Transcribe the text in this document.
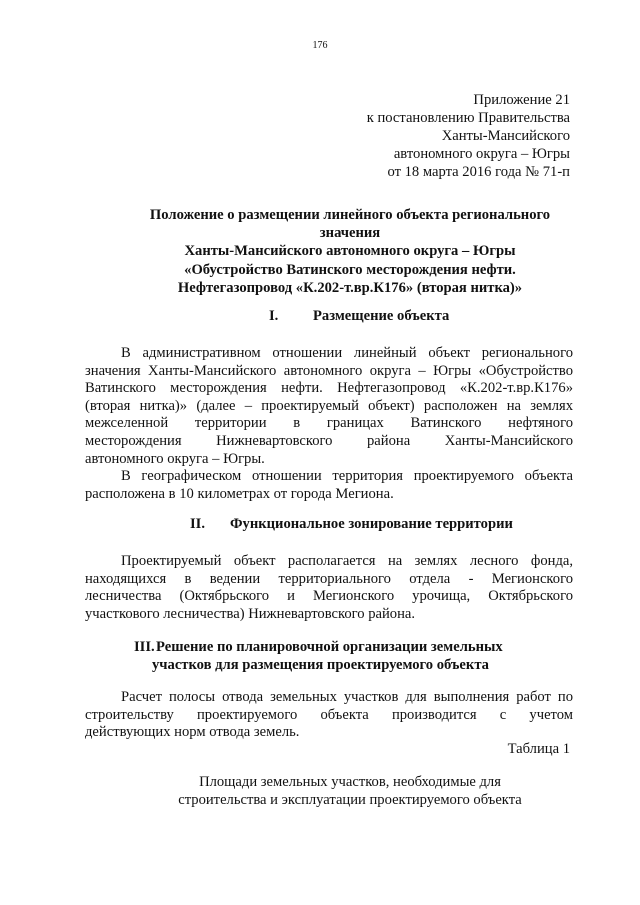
176
Приложение 21
к постановлению Правительства
Ханты-Мансийского
автономного округа – Югры
от 18 марта 2016 года № 71-п
Положение о размещении линейного объекта регионального
значения
Ханты-Мансийского автономного округа – Югры
«Обустройство Ватинского месторождения нефти.
Нефтегазопровод «К.202-т.вр.К176» (вторая нитка)»
I. Размещение объекта
В административном отношении линейный объект регионального
значения Ханты-Мансийского автономного округа – Югры «Обустройство
Ватинского месторождения нефти. Нефтегазопровод «К.202-т.вр.К176»
(вторая нитка)» (далее – проектируемый объект) расположен на землях
межселенной территории в границах Ватинского нефтяного
месторождения Нижневартовского района Ханты-Мансийского
автономного округа – Югры.
В географическом отношении территория проектируемого объекта
расположена в 10 километрах от города Мегиона.
II. Функциональное зонирование территории
Проектируемый объект располагается на землях лесного фонда,
находящихся в ведении территориального отдела - Мегионского
лесничества (Октябрьского и Мегионского урочища, Октябрьского
участкового лесничества) Нижневартовского района.
III.Решение по планировочной организации земельных
участков для размещения проектируемого объекта
Расчет полосы отвода земельных участков для выполнения работ по
строительству проектируемого объекта производится с учетом
действующих норм отвода земель.
Таблица 1
Площади земельных участков, необходимые для
строительства и эксплуатации проектируемого объекта
